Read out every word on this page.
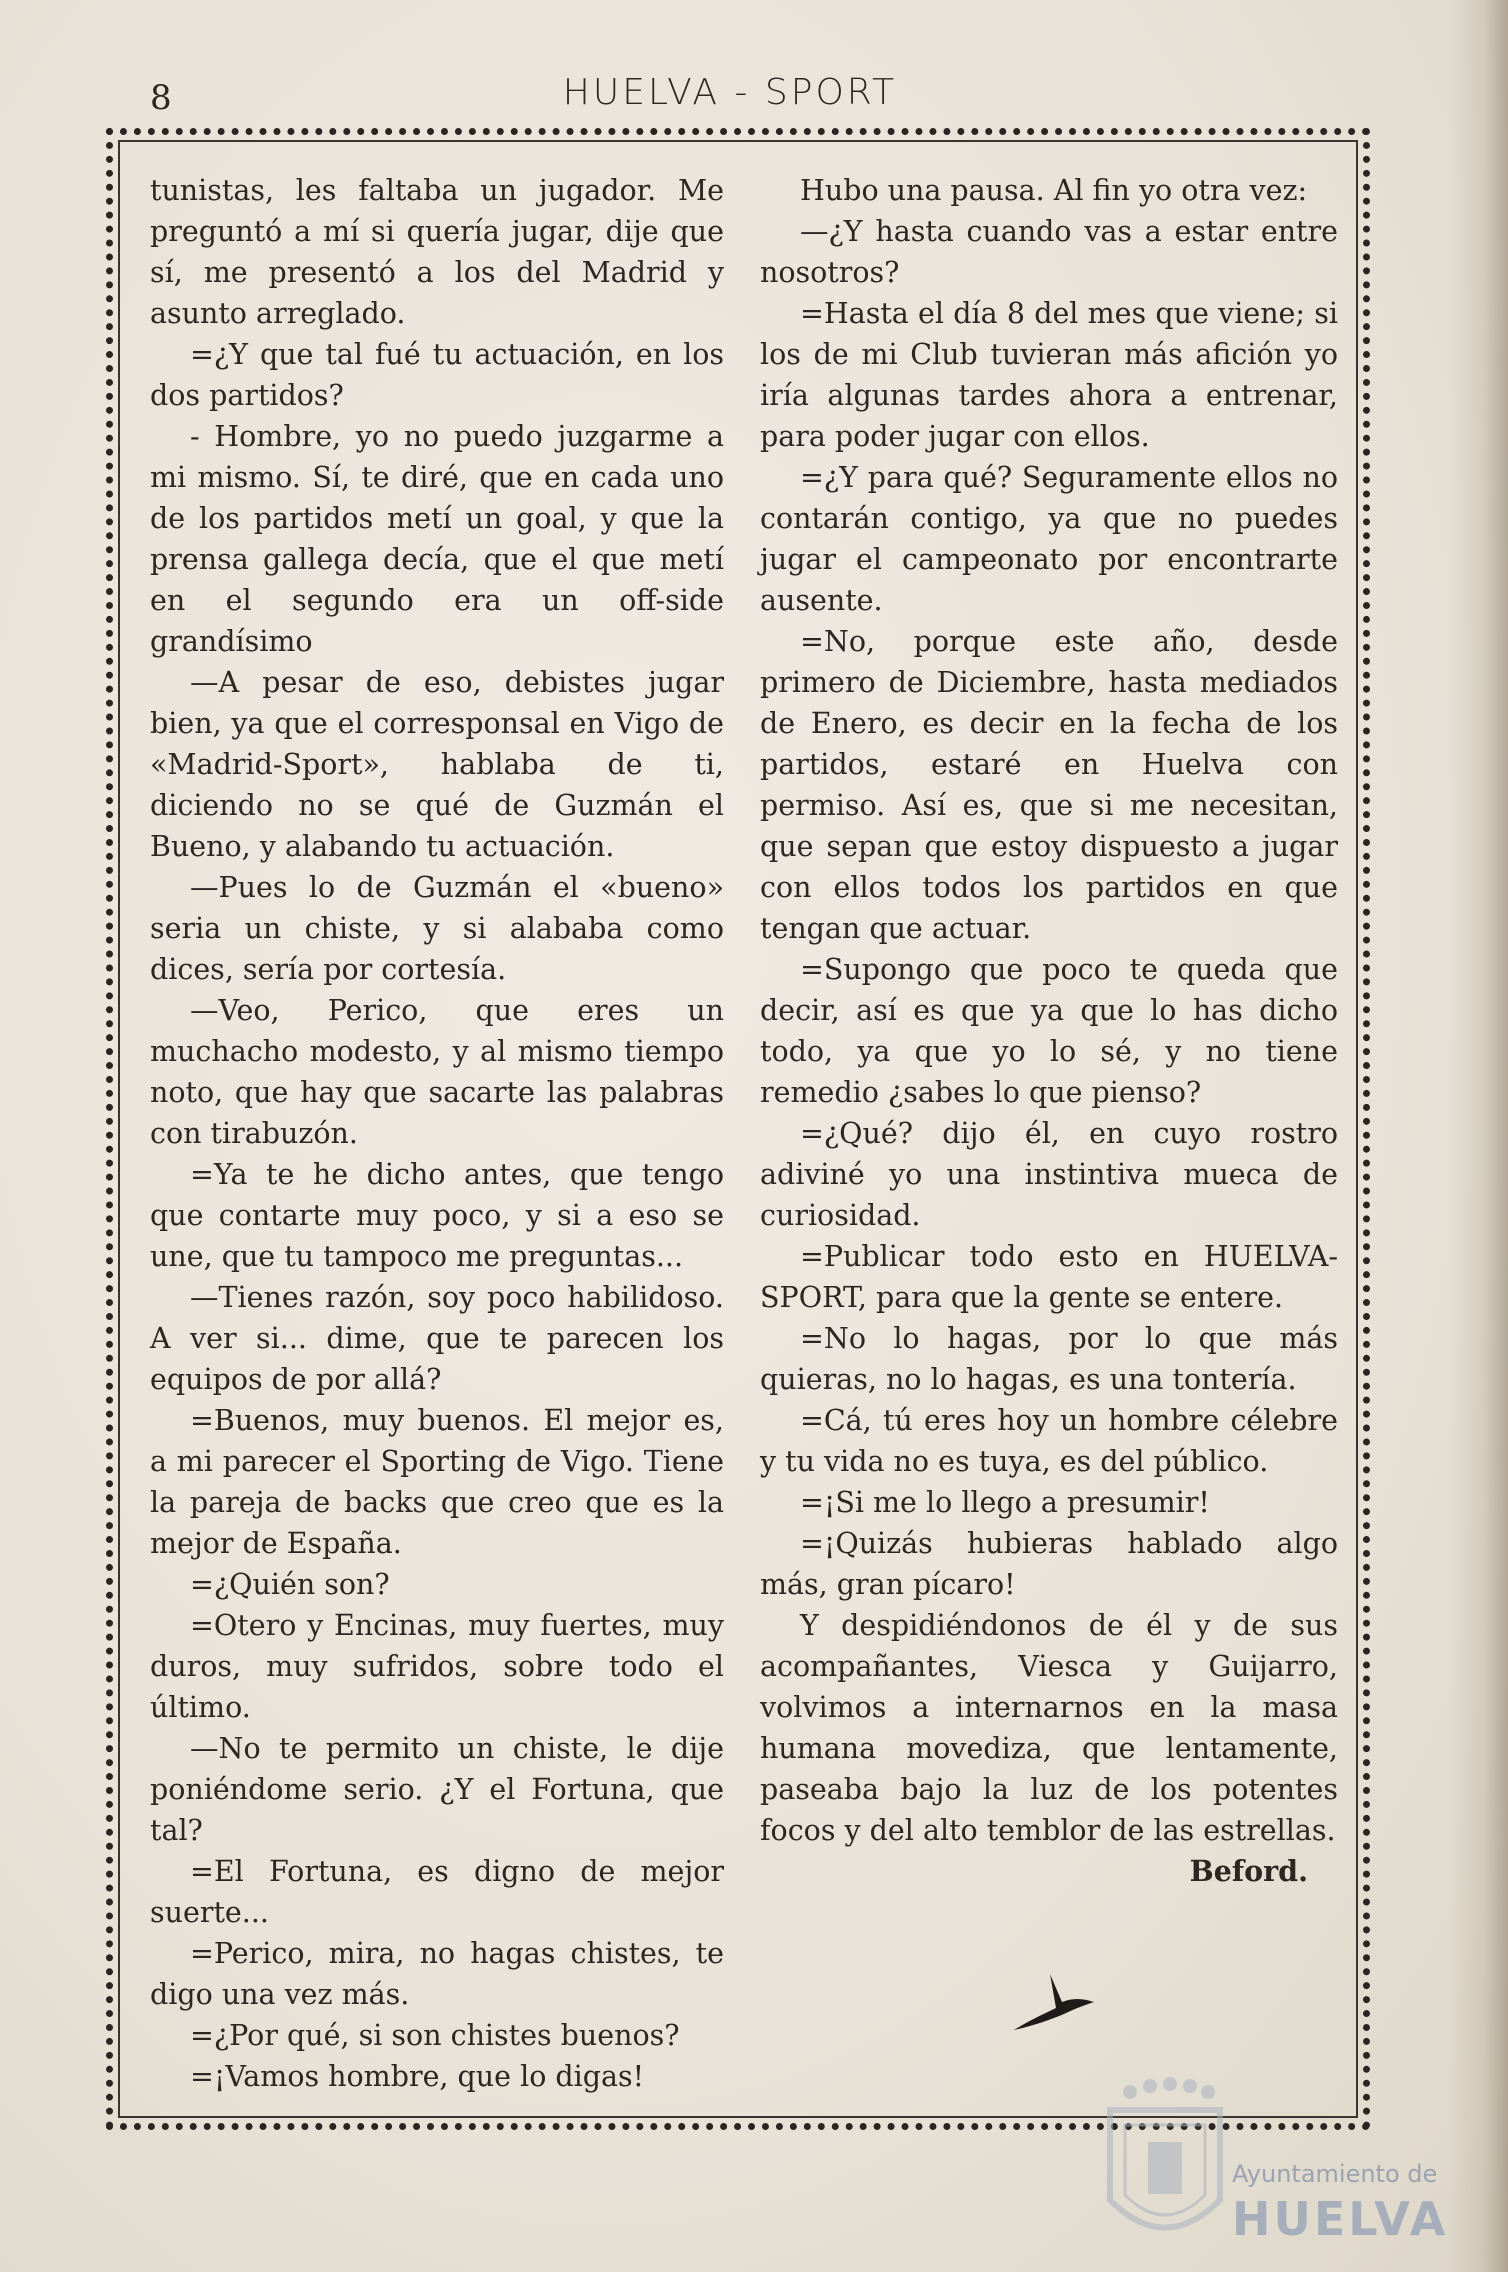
8	HUELVA - SPORT

tunistas, les faltaba un jugador. Me preguntó a mí si quería jugar, dije que sí, me presentó a los del Madrid y asunto arreglado.

=¿Y que tal fué tu actuación, en los dos partidos?

- Hombre, yo no puedo juzgarme a mi mismo. Sí, te diré, que en cada uno de los partidos metí un goal, y que la prensa gallega decía, que el que metí en el segundo era un off-side grandísimo

—A pesar de eso, debistes jugar bien, ya que el corresponsal en Vigo de «Madrid-Sport», hablaba de ti, diciendo no se qué de Guzmán el Bueno, y alabando tu actuación.

—Pues lo de Guzmán el «bueno» seria un chiste, y si alababa como dices, sería por cortesía.

—Veo, Perico, que eres un muchacho modesto, y al mismo tiempo noto, que hay que sacarte las palabras con tirabuzón.

=Ya te he dicho antes, que tengo que contarte muy poco, y si a eso se une, que tu tampoco me preguntas...

—Tienes razón, soy poco habilidoso. A ver si... dime, que te parecen los equipos de por allá?

=Buenos, muy buenos. El mejor es, a mi parecer el Sporting de Vigo. Tiene la pareja de backs que creo que es la mejor de España.

=¿Quién son?

=Otero y Encinas, muy fuertes, muy duros, muy sufridos, sobre todo el último.

—No te permito un chiste, le dije poniéndome serio. ¿Y el Fortuna, que tal?

=El Fortuna, es digno de mejor suerte...

=Perico, mira, no hagas chistes, te digo una vez más.

=¿Por qué, si son chistes buenos?

=¡Vamos hombre, que lo digas!

Hubo una pausa. Al fin yo otra vez:

—¿Y hasta cuando vas a estar entre nosotros?

=Hasta el día 8 del mes que viene; si los de mi Club tuvieran más afición yo iría algunas tardes ahora a entrenar, para poder jugar con ellos.

=¿Y para qué? Seguramente ellos no contarán contigo, ya que no puedes jugar el campeonato por encontrarte ausente.

=No, porque este año, desde primero de Diciembre, hasta mediados de Enero, es decir en la fecha de los partidos, estaré en Huelva con permiso. Así es, que si me necesitan, que sepan que estoy dispuesto a jugar con ellos todos los partidos en que tengan que actuar.

=Supongo que poco te queda que decir, así es que ya que lo has dicho todo, ya que yo lo sé, y no tiene remedio ¿sabes lo que pienso?

=¿Qué? dijo él, en cuyo rostro adiviné yo una instintiva mueca de curiosidad.

=Publicar todo esto en HUELVA-SPORT, para que la gente se entere.

=No lo hagas, por lo que más quieras, no lo hagas, es una tontería.

=Cá, tú eres hoy un hombre célebre y tu vida no es tuya, es del público.

=¡Si me lo llego a presumir!

=¡Quizás hubieras hablado algo más, gran pícaro!

Y despidiéndonos de él y de sus acompañantes, Viesca y Guijarro, volvimos a internarnos en la masa humana movediza, que lentamente, paseaba bajo la luz de los potentes focos y del alto temblor de las estrellas.

Beford.

Ayuntamiento de
HUELVA
